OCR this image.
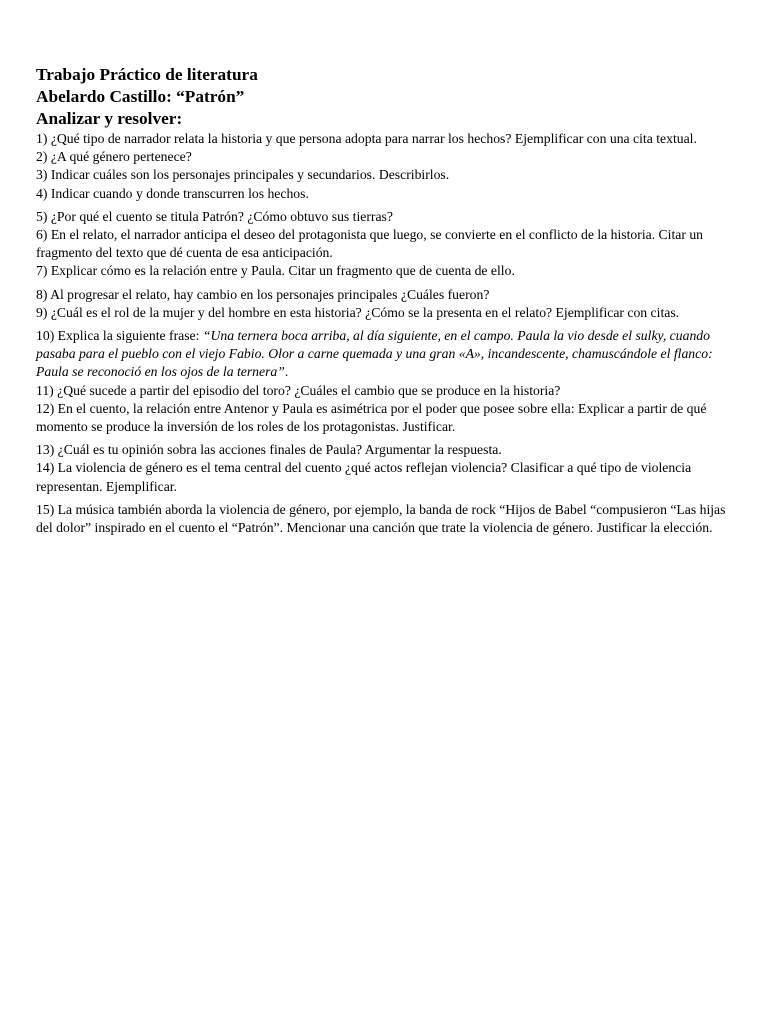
Trabajo Práctico de literatura

Abelardo Castillo: “Patrón”

Analizar y resolver:

1) ¿Qué tipo de narrador relata la historia y que persona adopta para narrar los hechos? Ejemplificar con una cita textual.

2) ¿A qué género pertenece?

3) Indicar cuáles son los personajes principales y secundarios. Describirlos.

4) Indicar cuando y donde transcurren los hechos.

5) ¿Por qué el cuento se titula Patrón? ¿Cómo obtuvo sus tierras?

6) En el relato, el narrador anticipa el deseo del protagonista que luego, se convierte en el conflicto de la historia. Citar un fragmento del texto que dé cuenta de esa anticipación.

7) Explicar cómo es la relación entre y Paula. Citar un fragmento que de cuenta de ello.

8) Al progresar el relato, hay cambio en los personajes principales ¿Cuáles fueron?

9) ¿Cuál es el rol de la mujer y del hombre en esta historia? ¿Cómo se la presenta en el relato? Ejemplificar con citas.

10) Explica la siguiente frase: “Una ternera boca arriba, al día siguiente, en el campo. Paula la vio desde el sulky, cuando pasaba para el pueblo con el viejo Fabio. Olor a carne quemada y una gran «A», incandescente, chamuscándole el flanco: Paula se reconoció en los ojos de la ternera”.

11) ¿Qué sucede a partir del episodio del toro? ¿Cuáles el cambio que se produce en la historia?

12) En el cuento, la relación entre Antenor y Paula es asimétrica por el poder que posee sobre ella: Explicar a partir de qué momento se produce la inversión de los roles de los protagonistas. Justificar.

13) ¿Cuál es tu opinión sobra las acciones finales de Paula? Argumentar la respuesta.

14) La violencia de género es el tema central del cuento ¿qué actos reflejan violencia? Clasificar a qué tipo de violencia representan. Ejemplificar.

15) La música también aborda la violencia de género, por ejemplo, la banda de rock “Hijos de Babel “compusieron “Las hijas del dolor” inspirado en el cuento el “Patrón”. Mencionar una canción que trate la violencia de género. Justificar la elección.
